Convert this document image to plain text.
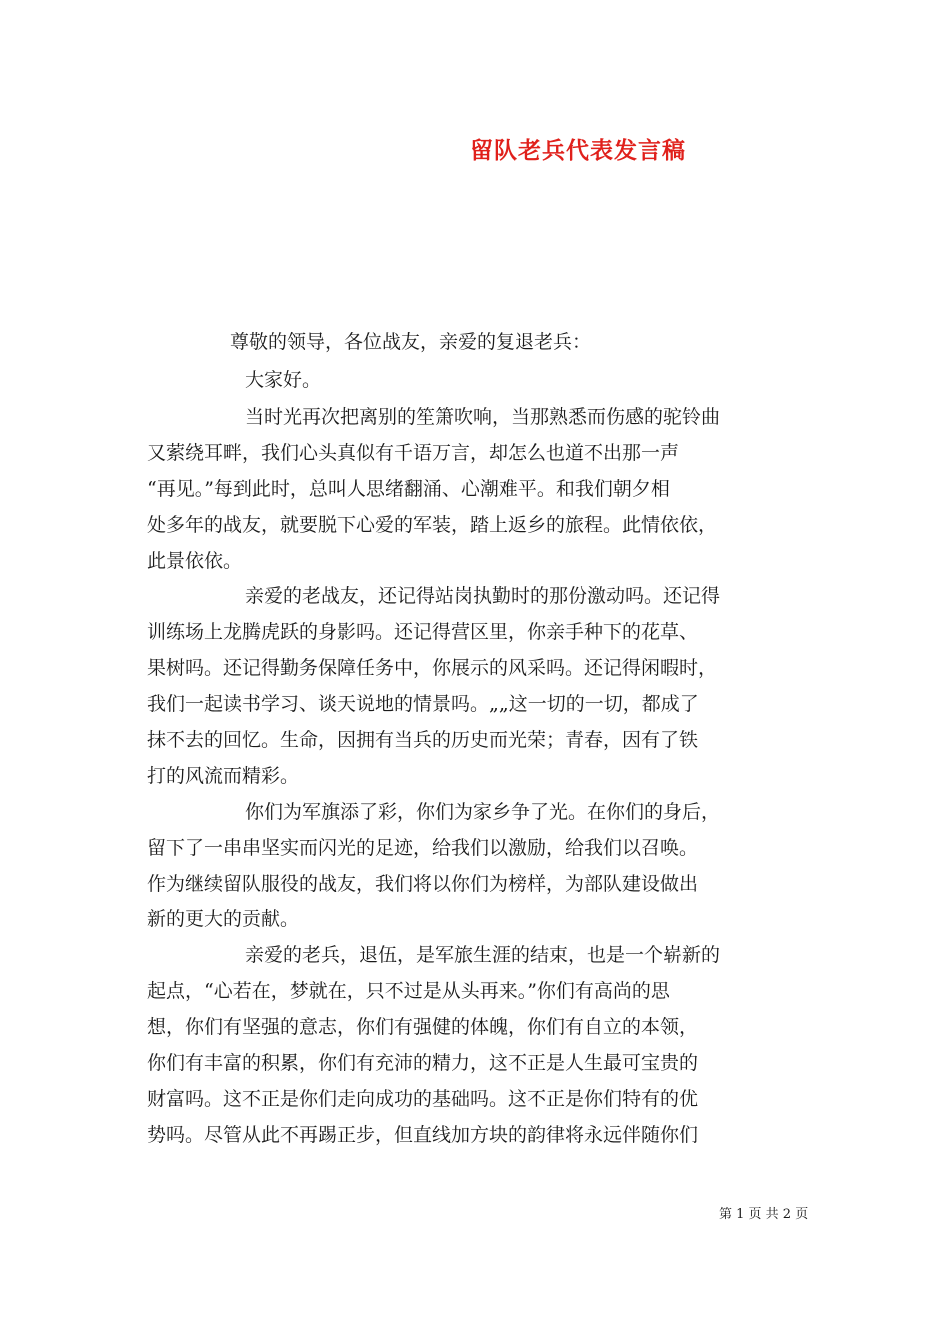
留队老兵代表发言稿
尊敬的领导，各位战友，亲爱的复退老兵：
大家好。
当时光再次把离别的笙箫吹响，当那熟悉而伤感的驼铃曲
又萦绕耳畔，我们心头真似有千语万言，却怎么也道不出那一声
“再见。”每到此时，总叫人思绪翻涌、心潮难平。和我们朝夕相
处多年的战友，就要脱下心爱的军装，踏上返乡的旅程。此情依依，
此景依依。
亲爱的老战友，还记得站岗执勤时的那份激动吗。还记得
训练场上龙腾虎跃的身影吗。还记得营区里，你亲手种下的花草、
果树吗。还记得勤务保障任务中，你展示的风采吗。还记得闲暇时，
我们一起读书学习、谈天说地的情景吗。„„这一切的一切，都成了
抹不去的回忆。生命，因拥有当兵的历史而光荣；青春，因有了铁
打的风流而精彩。
你们为军旗添了彩，你们为家乡争了光。在你们的身后，
留下了一串串坚实而闪光的足迹，给我们以激励，给我们以召唤。
作为继续留队服役的战友，我们将以你们为榜样，为部队建设做出
新的更大的贡献。
亲爱的老兵，退伍，是军旅生涯的结束，也是一个崭新的
起点，“心若在，梦就在，只不过是从头再来。”你们有高尚的思
想，你们有坚强的意志，你们有强健的体魄，你们有自立的本领，
你们有丰富的积累，你们有充沛的精力，这不正是人生最可宝贵的
财富吗。这不正是你们走向成功的基础吗。这不正是你们特有的优
势吗。尽管从此不再踢正步，但直线加方块的韵律将永远伴随你们
第 1 页 共 2 页
